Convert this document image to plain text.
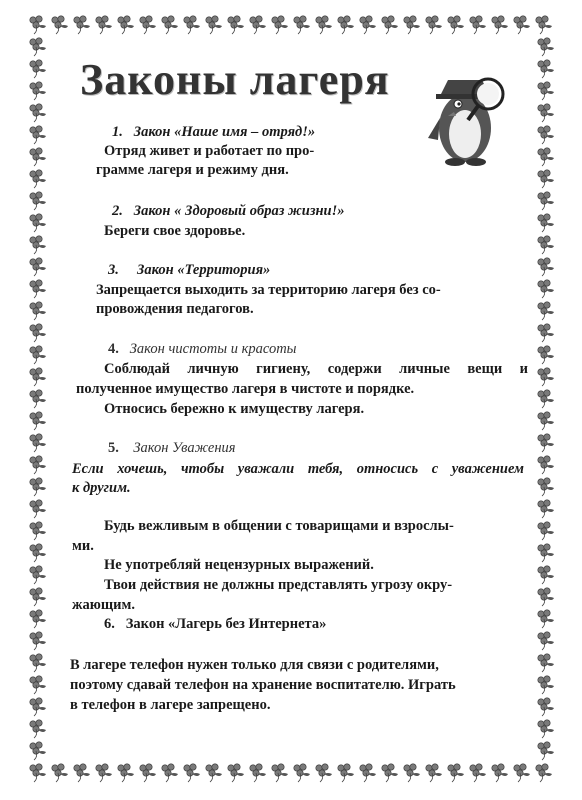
Законы лагеря
1. Закон «Наше имя – отряд!»
Отряд живет и работает по про-
грамме лагеря и режиму дня.
2. Закон « Здоровый образ жизни!»
Береги свое здоровье.
3. Закон «Территория»
Запрещается выходить за территорию лагеря без со-
провождения педагогов.
4. Закон чистоты и красоты
Соблюдай личную гигиену, содержи личные вещи и
полученное имущество лагеря в чистоте и порядке.
Относись бережно к имуществу лагеря.
5. Закон Уважения
Если хочешь, чтобы уважали тебя, относись с уважением
к другим.
Будь вежливым в общении с товарищами и взрослы-
ми.
Не употребляй нецензурных выражений.
Твои действия не должны представлять угрозу окру-
жающим.
6. Закон «Лагерь без Интернета»
В лагере телефон нужен только для связи с родителями,
поэтому сдавай телефон на хранение воспитателю. Играть
в телефон в лагере запрещено.
